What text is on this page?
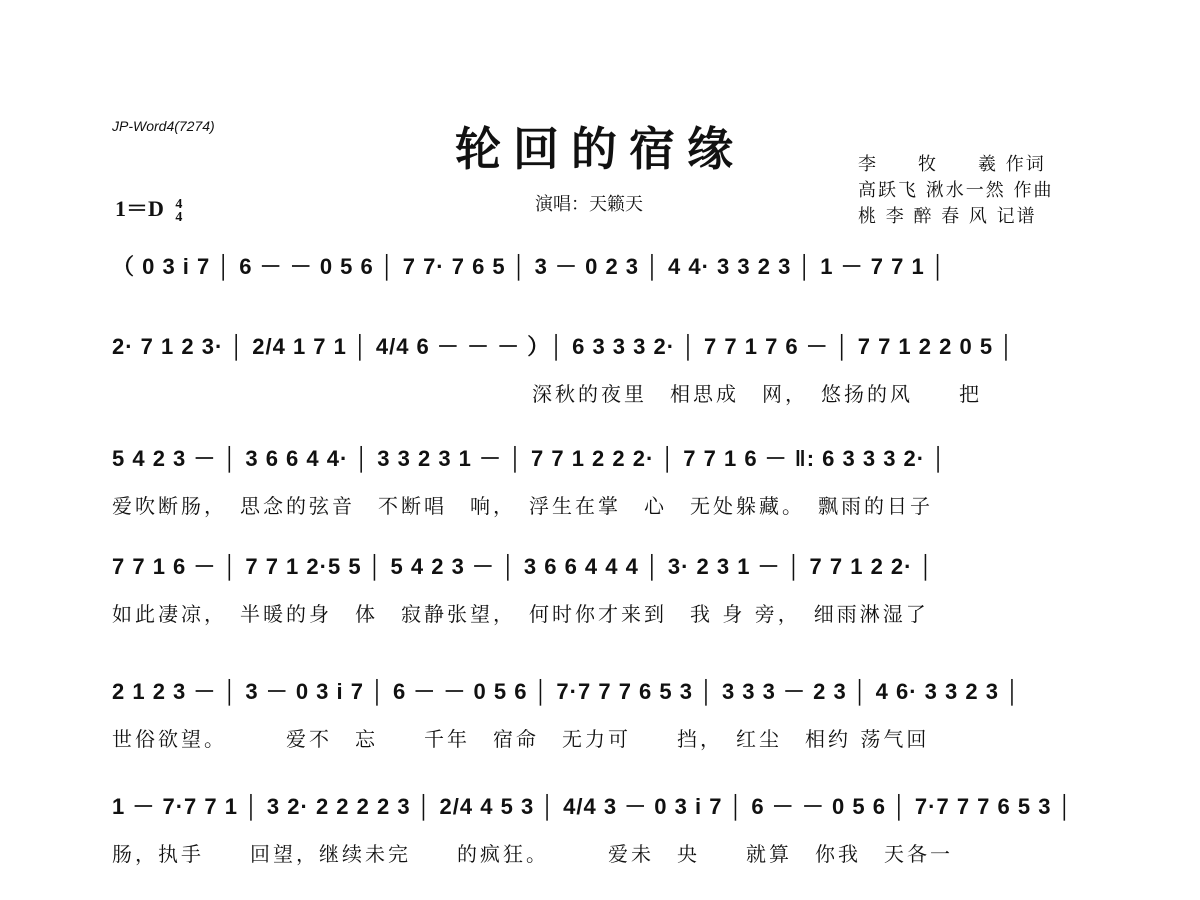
JP-Word4(7274)	轮回的宿缘	李　　牧　　羲 作词
高跃飞 湫水一然 作曲
桃 李 醉 春 风 记谱
1＝D 4
4
演唱：天籁天
（ 0 3 i 7 │ 6 － － 0 5 6 │ 7 7· 7 6 5 │ 3 － 0 2 3 │ 4 4· 3 3 2 3 │ 1 － 7 7 1 │
2· 7 1 2 3· │ 2/4 1 7 1 │ 4/4 6 － － － ）│ 6 3 3 3 2· │ 7 7 1 7 6 － │ 7 7 1 2 2 0 5 │
深秋的夜里　相思成　网，　悠扬的风　　把
5 4 2 3 － │ 3 6 6 4 4· │ 3 3 2 3 1 － │ 7 7 1 2 2 2· │ 7 7 1 6 － ‖: 6 3 3 3 2· │
爱吹断肠，　思念的弦音　不断唱　响，　浮生在掌　心　无处躲藏。　飘雨的日子
7 7 1 6 － │ 7 7 1 2·5 5 │ 5 4 2 3 － │ 3 6 6 4 4 4 │ 3· 2 3 1 － │ 7 7 1 2 2· │
如此凄凉，　半暖的身　体　寂静张望，　何时你才来到　我 身 旁，　细雨淋湿了
2 1 2 3 － │ 3 － 0 3 i 7 │ 6 － － 0 5 6 │ 7·7 7 7 6 5 3 │ 3 3 3 － 2 3 │ 4 6· 3 3 2 3 │
世俗欲望。　　　爱不　忘　　千年　宿命　无力可　　挡，　红尘　相约 荡气回
1 － 7·7 7 1 │ 3 2· 2 2 2 2 3 │ 2/4 4 5 3 │ 4/4 3 － 0 3 i 7 │ 6 － － 0 5 6 │ 7·7 7 7 6 5 3 │
肠，执手　　回望，继续未完　　的疯狂。　　　爱未　央　　就算　你我　天各一
